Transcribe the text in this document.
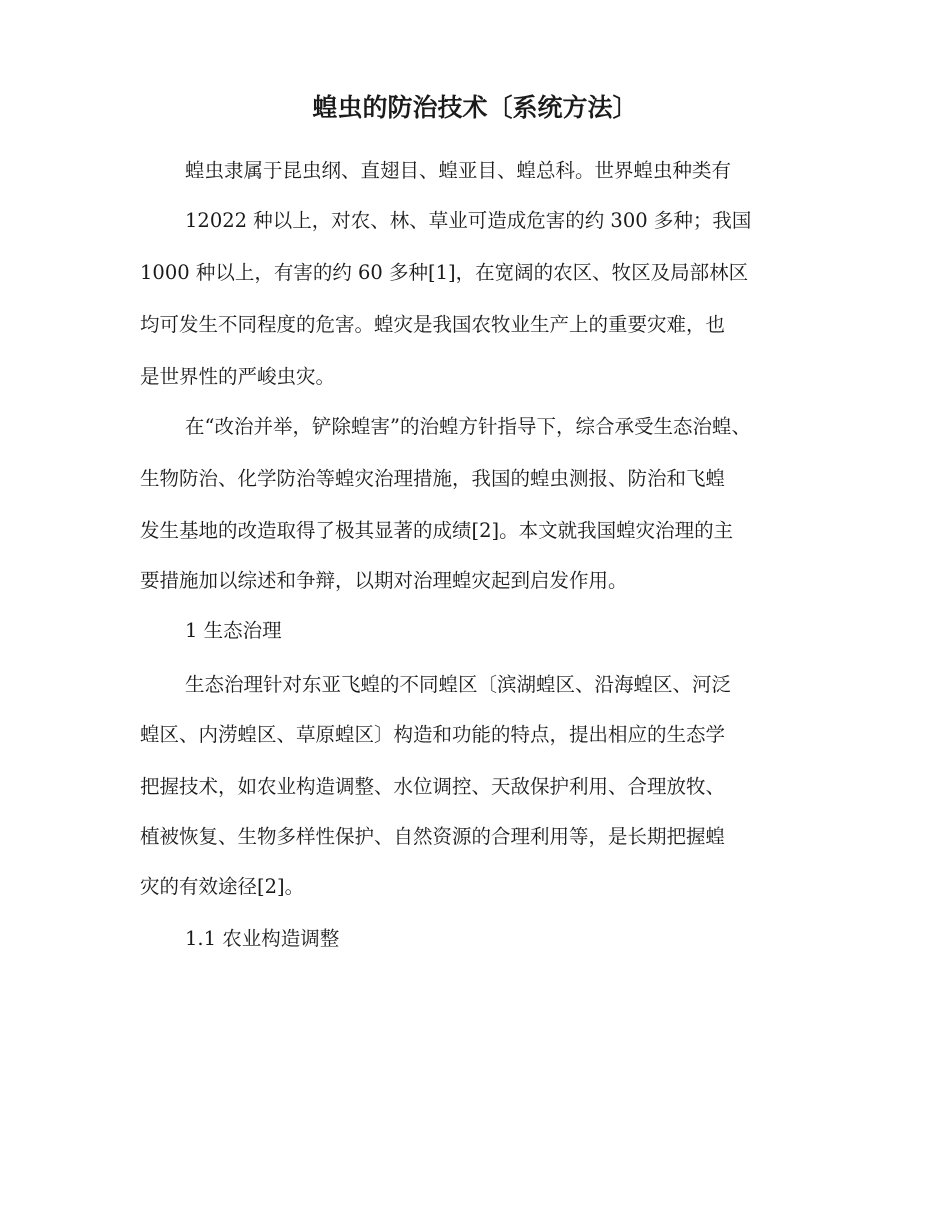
蝗虫的防治技术〔系统方法〕

蝗虫隶属于昆虫纲、直翅目、蝗亚目、蝗总科。世界蝗虫种类有

12022 种以上，对农、林、草业可造成危害的约 300 多种；我国

1000 种以上，有害的约 60 多种[1]，在宽阔的农区、牧区及局部林区

均可发生不同程度的危害。蝗灾是我国农牧业生产上的重要灾难，也

是世界性的严峻虫灾。

在“改治并举，铲除蝗害”的治蝗方针指导下，综合承受生态治蝗、

生物防治、化学防治等蝗灾治理措施，我国的蝗虫测报、防治和飞蝗

发生基地的改造取得了极其显著的成绩[2]。本文就我国蝗灾治理的主

要措施加以综述和争辩，以期对治理蝗灾起到启发作用。

1 生态治理

生态治理针对东亚飞蝗的不同蝗区〔滨湖蝗区、沿海蝗区、河泛

蝗区、内涝蝗区、草原蝗区〕构造和功能的特点，提出相应的生态学

把握技术，如农业构造调整、水位调控、天敌保护利用、合理放牧、

植被恢复、生物多样性保护、自然资源的合理利用等，是长期把握蝗

灾的有效途径[2]。

1.1 农业构造调整
